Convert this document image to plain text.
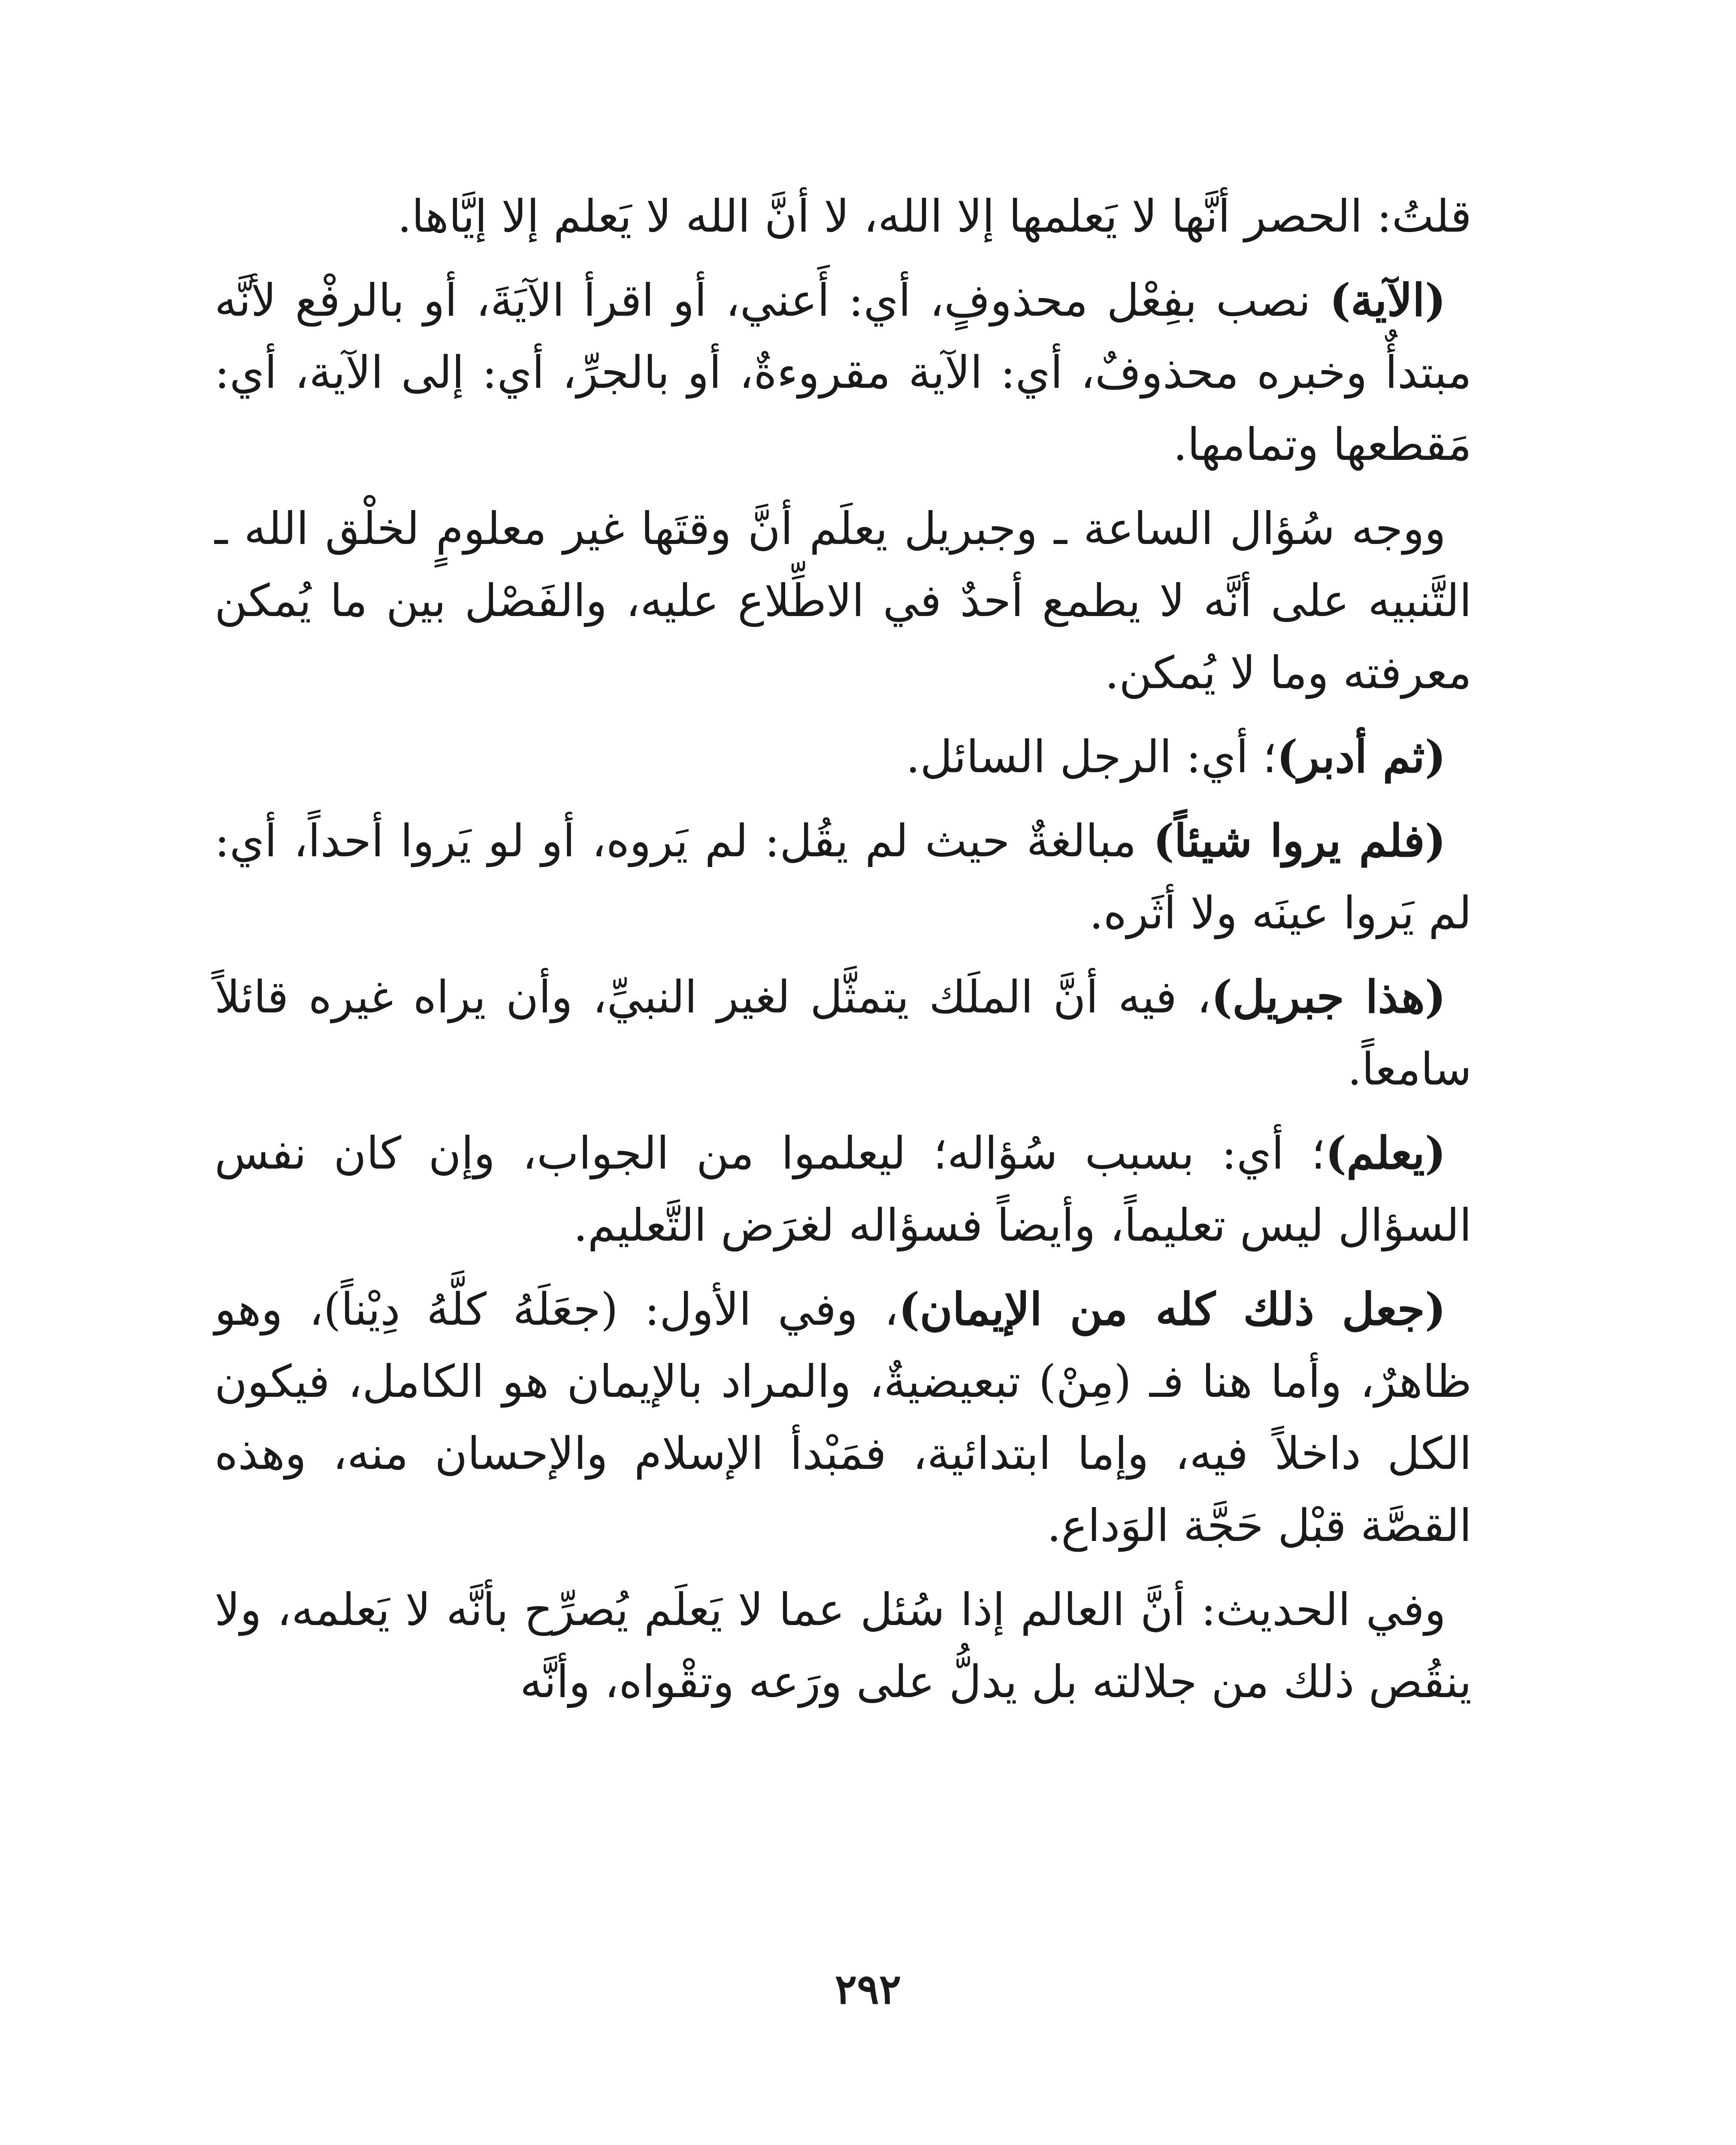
قلتُ: الحصر أنَّها لا يَعلمها إلا الله، لا أنَّ الله لا يَعلم إلا إيَّاها.

(الآية) نصب بفِعْل محذوفٍ، أي: أَعني، أو اقرأ الآيَةَ، أو بالرفْع لأنَّه مبتدأٌ وخبره محذوفٌ، أي: الآية مقروءةٌ، أو بالجرِّ، أي: إلى الآية، أي: مَقطعها وتمامها.

ووجه سُؤال الساعة ـ وجبريل يعلَم أنَّ وقتَها غير معلومٍ لخلْق الله ـ التَّنبيه على أنَّه لا يطمع أحدٌ في الاطِّلاع عليه، والفَصْل بين ما يُمكن معرفته وما لا يُمكن.

(ثم أدبر)؛ أي: الرجل السائل.

(فلم يروا شيئاً) مبالغةٌ حيث لم يقُل: لم يَروه، أو لو يَروا أحداً، أي: لم يَروا عينَه ولا أثَره.

(هذا جبريل)، فيه أنَّ الملَك يتمثَّل لغير النبيِّ، وأن يراه غيره قائلاً سامعاً.

(يعلم)؛ أي: بسبب سُؤاله؛ ليعلموا من الجواب، وإن كان نفس السؤال ليس تعليماً، وأيضاً فسؤاله لغرَض التَّعليم.

(جعل ذلك كله من الإيمان)، وفي الأول: (جعَلَهُ كلَّهُ دِيْناً)، وهو ظاهرٌ، وأما هنا فـ (مِنْ) تبعيضيةٌ، والمراد بالإيمان هو الكامل، فيكون الكل داخلاً فيه، وإما ابتدائية، فمَبْدأ الإسلام والإحسان منه، وهذه القصَّة قبْل حَجَّة الوَداع.

وفي الحديث: أنَّ العالم إذا سُئل عما لا يَعلَم يُصرِّح بأنَّه لا يَعلمه، ولا ينقُص ذلك من جلالته بل يدلُّ على ورَعه وتقْواه، وأنَّه

٢٩٢
